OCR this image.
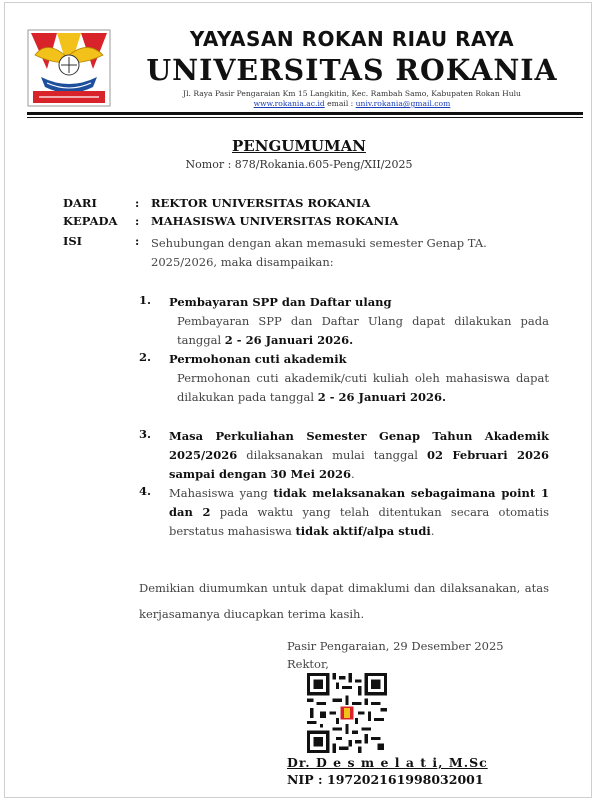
YAYASAN ROKAN RIAU RAYA
UNIVERSITAS ROKANIA
Jl. Raya Pasir Pengaraian Km 15 Langkitin, Kec. Rambah Samo, Kabupaten Rokan Hulu
www.rokania.ac.id email : univ.rokania@gmail.com
PENGUMUMAN
Nomor : 878/Rokania.605-Peng/XII/2025
DARI	: REKTOR UNIVERSITAS ROKANIA
KEPADA : MAHASISWA UNIVERSITAS ROKANIA
ISI	: Sehubungan dengan akan memasuki semester Genap TA. 2025/2026, maka disampaikan:
1. Pembayaran SPP dan Daftar ulang
Pembayaran SPP dan Daftar Ulang dapat dilakukan pada tanggal 2 - 26 Januari 2026.
2. Permohonan cuti akademik
Permohonan cuti akademik/cuti kuliah oleh mahasiswa dapat dilakukan pada tanggal 2 - 26 Januari 2026.
3. Masa Perkuliahan Semester Genap Tahun Akademik 2025/2026 dilaksanakan mulai tanggal 02 Februari 2026 sampai dengan 30 Mei 2026.
4. Mahasiswa yang tidak melaksanakan sebagaimana point 1 dan 2 pada waktu yang telah ditentukan secara otomatis berstatus mahasiswa tidak aktif/alpa studi.
Demikian diumumkan untuk dapat dimaklumi dan dilaksanakan, atas kerjasamanya diucapkan terima kasih.
Pasir Pengaraian, 29 Desember 2025
Rektor,
Dr. D e s m e l a t i, M.Sc
NIP : 197202161998032001
